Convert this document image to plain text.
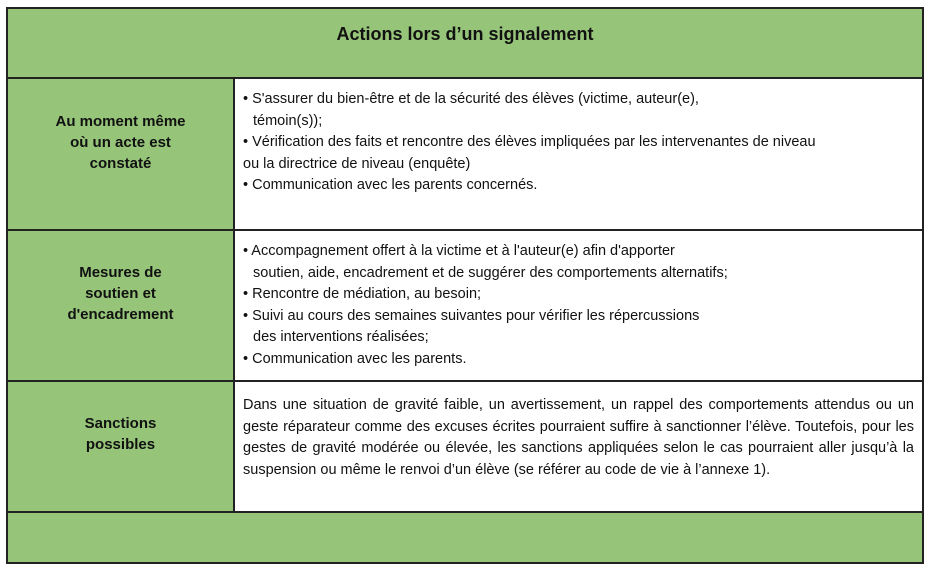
Actions lors d’un signalement
Au moment même
où un acte est
constaté
• S'assurer du bien-être et de la sécurité des élèves (victime, auteur(e),
témoin(s));
• Vérification des faits et rencontre des élèves impliquées par les intervenantes de niveau
ou la directrice de niveau (enquête)
• Communication avec les parents concernés.
Mesures de
soutien et
d'encadrement
• Accompagnement offert à la victime et à l'auteur(e) afin d'apporter
soutien, aide, encadrement et de suggérer des comportements alternatifs;
• Rencontre de médiation, au besoin;
• Suivi au cours des semaines suivantes pour vérifier les répercussions
des interventions réalisées;
• Communication avec les parents.
Sanctions
possibles
Dans une situation de gravité faible, un avertissement, un rappel des comportements attendus ou un geste réparateur comme des excuses écrites pourraient suffire à sanctionner l’élève. Toutefois, pour les gestes de gravité modérée ou élevée, les sanctions appliquées selon le cas pourraient aller jusqu’à la suspension ou même le renvoi d’un élève (se référer au code de vie à l’annexe 1).
